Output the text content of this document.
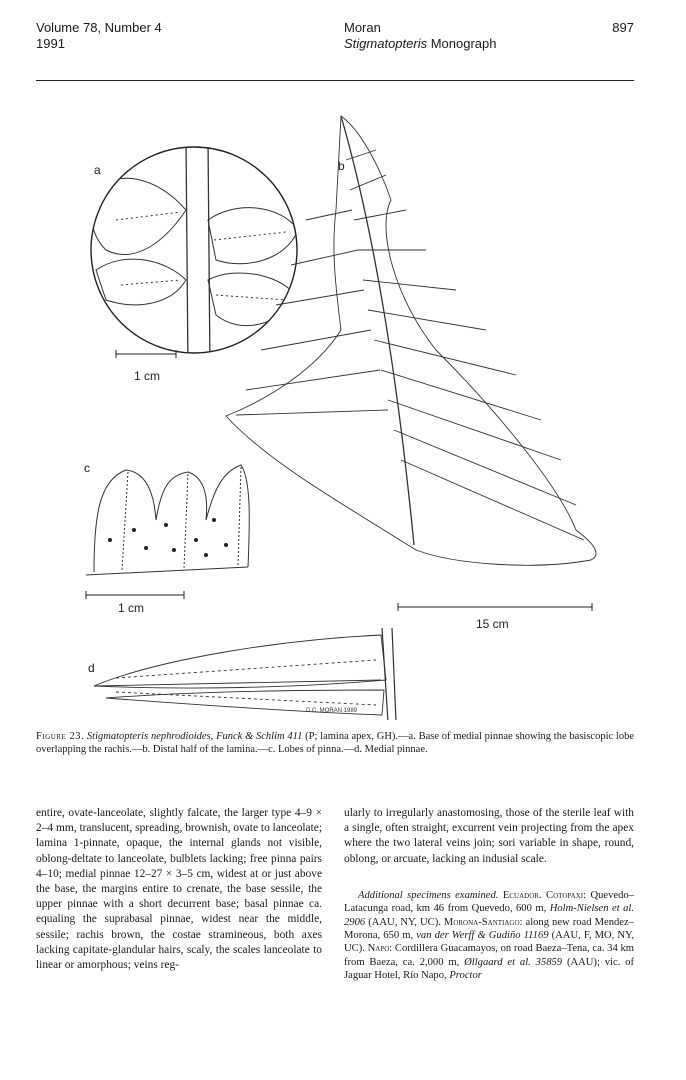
Volume 78, Number 4
1991
Moran
Stigmatopteris Monograph
897
a
1 cm
b
15 cm
c
1 cm
d
D.C. MORAN 1989
Figure 23. Stigmatopteris nephrodioides, Funck & Schlim 411 (P; lamina apex, GH).—a. Base of medial pinnae showing the basiscopic lobe overlapping the rachis.—b. Distal half of the lamina.—c. Lobes of pinna.—d. Medial pinnae.

entire, ovate-lanceolate, slightly falcate, the larger type 4–9 × 2–4 mm, translucent, spreading, brownish, ovate to lanceolate; lamina 1-pinnate, opaque, the internal glands not visible, oblong-deltate to lanceolate, bulblets lacking; free pinna pairs 4–10; medial pinnae 12–27 × 3–5 cm, widest at or just above the base, the margins entire to crenate, the base sessile, the upper pinnae with a short decurrent base; basal pinnae ca. equaling the suprabasal pinnae, widest near the middle, sessile; rachis brown, the costae stramineous, both axes lacking capitate-glandular hairs, scaly, the scales lanceolate to linear or amorphous; veins reg-

ularly to irregularly anastomosing, those of the sterile leaf with a single, often straight, excurrent vein projecting from the apex where the two lateral veins join; sori variable in shape, round, oblong, or arcuate, lacking an indusial scale.

Additional specimens examined. Ecuador. Cotopaxi: Quevedo–Latacunga road, km 46 from Quevedo, 600 m, Holm-Nielsen et al. 2906 (AAU, NY, UC). Morona-Santiago: along new road Mendez–Morona, 650 m, van der Werff & Gudiño 11169 (AAU, F, MO, NY, UC). Napo: Cordillera Guacamayos, on road Baeza–Tena, ca. 34 km from Baeza, ca. 2,000 m, Øllgaard et al. 35859 (AAU); vic. of Jaguar Hotel, Río Napo, Proctor
